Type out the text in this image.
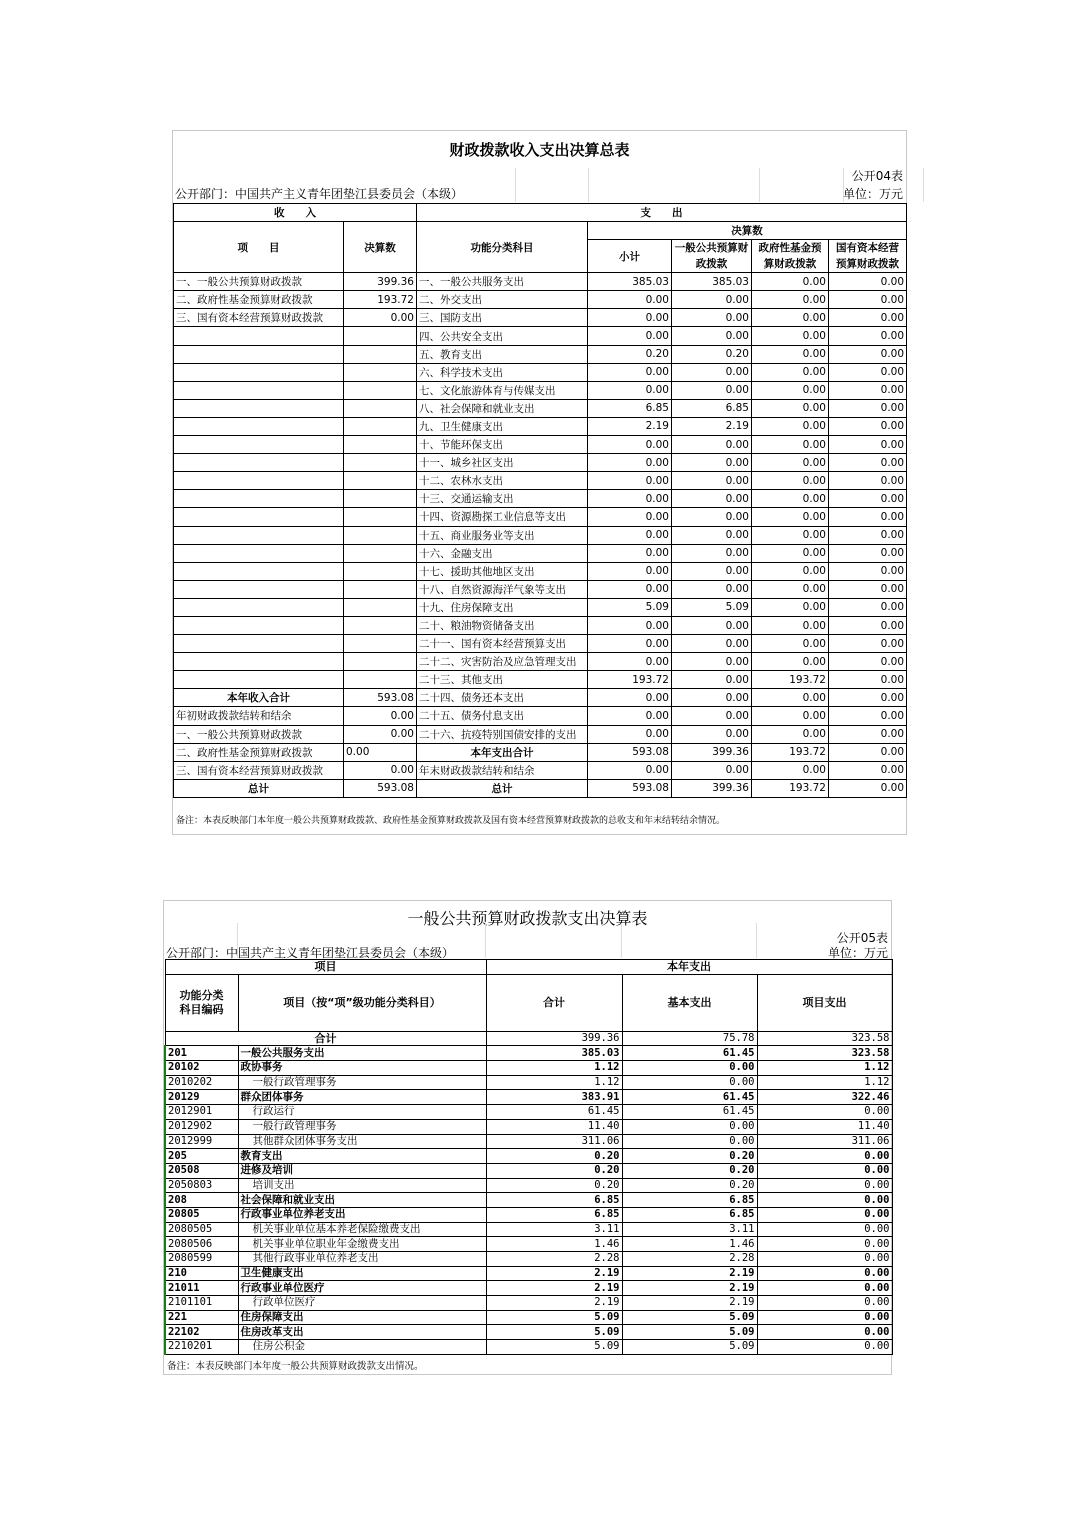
财政拨款收入支出决算总表
公开04表
公开部门：中国共产主义青年团垫江县委员会（本级）	单位：万元
收　　入		支　　出				
项　　目	决算数	功能分类科目	决算数			
			小计	一般公共预算财政拨款	政府性基金预算财政拨款	国有资本经营预算财政拨款

一、一般公共预算财政拨款	399.36	一、一般公共服务支出	385.03	385.03	0.00	0.00
二、政府性基金预算财政拨款	193.72	二、外交支出	0.00	0.00	0.00	0.00
三、国有资本经营预算财政拨款	0.00	三、国防支出	0.00	0.00	0.00	0.00
		四、公共安全支出	0.00	0.00	0.00	0.00
		五、教育支出	0.20	0.20	0.00	0.00
		六、科学技术支出	0.00	0.00	0.00	0.00
		七、文化旅游体育与传媒支出	0.00	0.00	0.00	0.00
		八、社会保障和就业支出	6.85	6.85	0.00	0.00
		九、卫生健康支出	2.19	2.19	0.00	0.00
		十、节能环保支出	0.00	0.00	0.00	0.00
		十一、城乡社区支出	0.00	0.00	0.00	0.00
		十二、农林水支出	0.00	0.00	0.00	0.00
		十三、交通运输支出	0.00	0.00	0.00	0.00
		十四、资源勘探工业信息等支出	0.00	0.00	0.00	0.00
		十五、商业服务业等支出	0.00	0.00	0.00	0.00
		十六、金融支出	0.00	0.00	0.00	0.00
		十七、援助其他地区支出	0.00	0.00	0.00	0.00
		十八、自然资源海洋气象等支出	0.00	0.00	0.00	0.00
		十九、住房保障支出	5.09	5.09	0.00	0.00
		二十、粮油物资储备支出	0.00	0.00	0.00	0.00
		二十一、国有资本经营预算支出	0.00	0.00	0.00	0.00
		二十二、灾害防治及应急管理支出	0.00	0.00	0.00	0.00
		二十三、其他支出	193.72	0.00	193.72	0.00
本年收入合计	593.08	二十四、债务还本支出	0.00	0.00	0.00	0.00
年初财政拨款结转和结余	0.00	二十五、债务付息支出	0.00	0.00	0.00	0.00
一、一般公共预算财政拨款	0.00	二十六、抗疫特别国债安排的支出	0.00	0.00	0.00	0.00
二、政府性基金预算财政拨款	0.00	本年支出合计	593.08	399.36	193.72	0.00
三、国有资本经营预算财政拨款	0.00	年末财政拨款结转和结余	0.00	0.00	0.00	0.00
总计	593.08	总计	593.08	399.36	193.72	0.00
备注：本表反映部门本年度一般公共预算财政拨款、政府性基金预算财政拨款及国有资本经营预算财政拨款的总收支和年末结转结余情况。
一般公共预算财政拨款支出决算表
公开05表
公开部门：中国共产主义青年团垫江县委员会（本级）	单位：万元
项目		本年支出		
功能分类
科目编码	项目（按“项”级功能分类科目）	合计	基本支出	项目支出
合计		399.36	75.78	323.58
201	一般公共服务支出	385.03	61.45	323.58
20102	政协事务	1.12	0.00	1.12
2010202	一般行政管理事务	1.12	0.00	1.12
20129	群众团体事务	383.91	61.45	322.46
2012901	行政运行	61.45	61.45	0.00
2012902	一般行政管理事务	11.40	0.00	11.40
2012999	其他群众团体事务支出	311.06	0.00	311.06
205	教育支出	0.20	0.20	0.00
20508	进修及培训	0.20	0.20	0.00
2050803	培训支出	0.20	0.20	0.00
208	社会保障和就业支出	6.85	6.85	0.00
20805	行政事业单位养老支出	6.85	6.85	0.00
2080505	机关事业单位基本养老保险缴费支出	3.11	3.11	0.00
2080506	机关事业单位职业年金缴费支出	1.46	1.46	0.00
2080599	其他行政事业单位养老支出	2.28	2.28	0.00
210	卫生健康支出	2.19	2.19	0.00
21011	行政事业单位医疗	2.19	2.19	0.00
2101101	行政单位医疗	2.19	2.19	0.00
221	住房保障支出	5.09	5.09	0.00
22102	住房改革支出	5.09	5.09	0.00
2210201	住房公积金	5.09	5.09	0.00
备注：本表反映部门本年度一般公共预算财政拨款支出情况。
